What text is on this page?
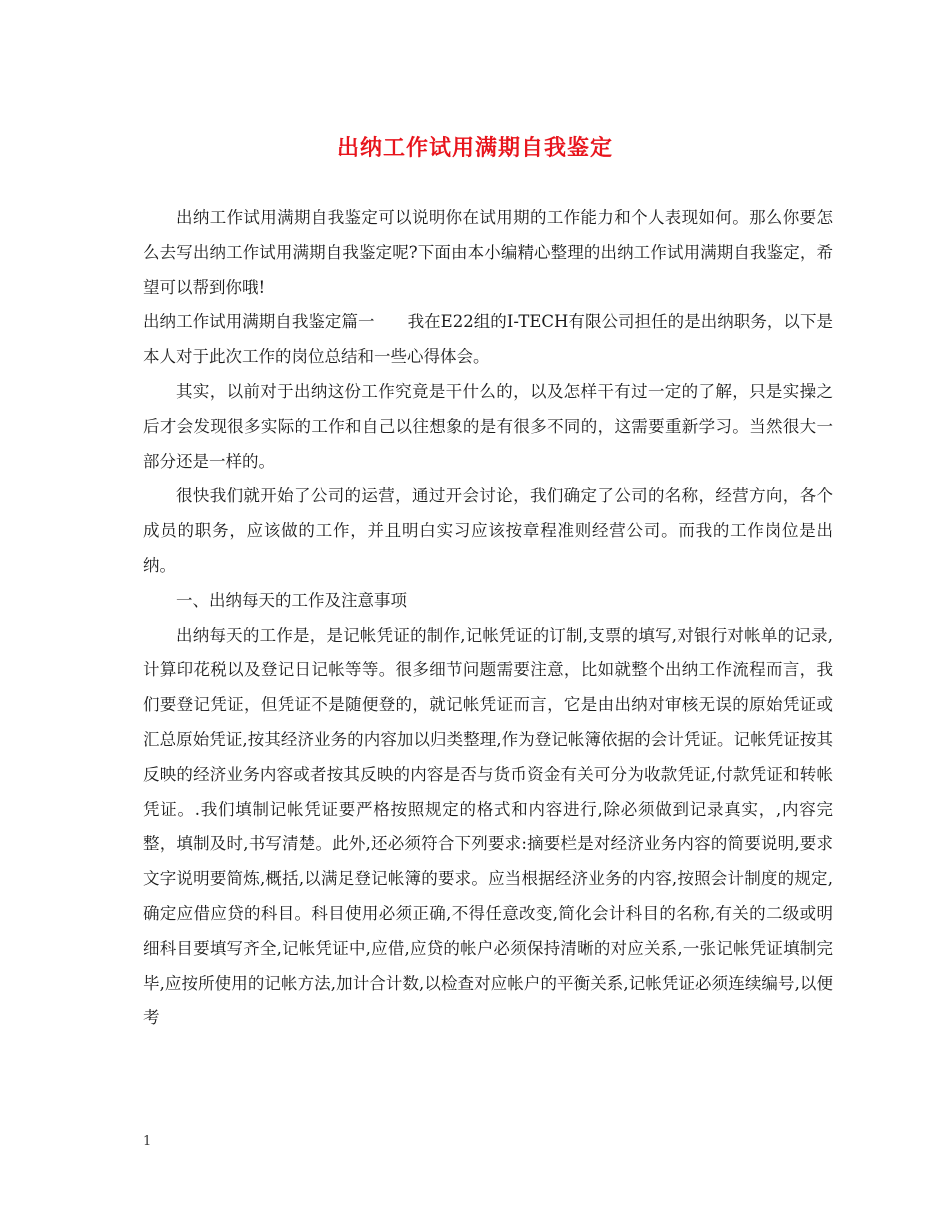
出纳工作试用满期自我鉴定

出纳工作试用满期自我鉴定可以说明你在试用期的工作能力和个人表现如何。那么你要怎么去写出纳工作试用满期自我鉴定呢?下面由本小编精心整理的出纳工作试用满期自我鉴定，希望可以帮到你哦!

出纳工作试用满期自我鉴定篇一　　我在E22组的I-TECH有限公司担任的是出纳职务，以下是本人对于此次工作的岗位总结和一些心得体会。

其实，以前对于出纳这份工作究竟是干什么的，以及怎样干有过一定的了解，只是实操之后才会发现很多实际的工作和自己以往想象的是有很多不同的，这需要重新学习。当然很大一部分还是一样的。

很快我们就开始了公司的运营，通过开会讨论，我们确定了公司的名称，经营方向，各个成员的职务，应该做的工作，并且明白实习应该按章程准则经营公司。而我的工作岗位是出纳。

一、出纳每天的工作及注意事项

出纳每天的工作是，是记帐凭证的制作,记帐凭证的订制,支票的填写,对银行对帐单的记录,计算印花税以及登记日记帐等等。很多细节问题需要注意，比如就整个出纳工作流程而言，我们要登记凭证，但凭证不是随便登的，就记帐凭证而言，它是由出纳对审核无误的原始凭证或汇总原始凭证,按其经济业务的内容加以归类整理,作为登记帐簿依据的会计凭证。记帐凭证按其反映的经济业务内容或者按其反映的内容是否与货币资金有关可分为收款凭证,付款凭证和转帐凭证。.我们填制记帐凭证要严格按照规定的格式和内容进行,除必须做到记录真实，,内容完整，填制及时,书写清楚。此外,还必须符合下列要求:摘要栏是对经济业务内容的简要说明,要求文字说明要简炼,概括,以满足登记帐簿的要求。应当根据经济业务的内容,按照会计制度的规定,确定应借应贷的科目。科目使用必须正确,不得任意改变,简化会计科目的名称,有关的二级或明细科目要填写齐全,记帐凭证中,应借,应贷的帐户必须保持清晰的对应关系,一张记帐凭证填制完毕,应按所使用的记帐方法,加计合计数,以检查对应帐户的平衡关系,记帐凭证必须连续编号,以便考

1
